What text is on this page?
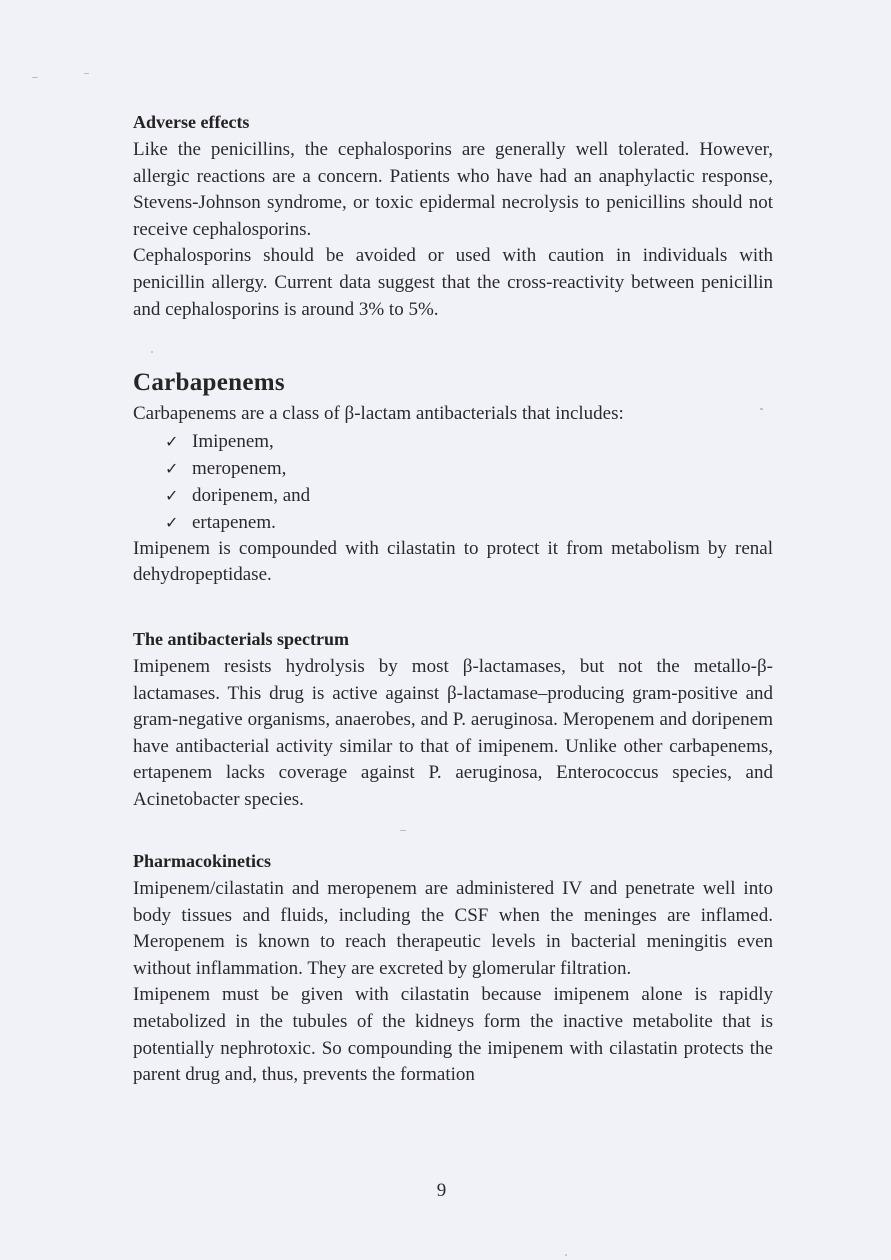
Adverse effects

Like the penicillins, the cephalosporins are generally well tolerated. However, allergic reactions are a concern. Patients who have had an anaphylactic response, Stevens-Johnson syndrome, or toxic epidermal necrolysis to penicillins should not receive cephalosporins.

Cephalosporins should be avoided or used with caution in individuals with penicillin allergy. Current data suggest that the cross-reactivity between penicillin and cephalosporins is around 3% to 5%.

Carbapenems

Carbapenems are a class of β-lactam antibacterials that includes:

✓ Imipenem,
✓ meropenem,
✓ doripenem, and
✓ ertapenem.

Imipenem is compounded with cilastatin to protect it from metabolism by renal dehydropeptidase.

The antibacterials spectrum

Imipenem resists hydrolysis by most β-lactamases, but not the metallo-β-lactamases. This drug is active against β-lactamase–producing gram-positive and gram-negative organisms, anaerobes, and P. aeruginosa. Meropenem and doripenem have antibacterial activity similar to that of imipenem. Unlike other carbapenems, ertapenem lacks coverage against P. aeruginosa, Enterococcus species, and Acinetobacter species.

Pharmacokinetics

Imipenem/cilastatin and meropenem are administered IV and penetrate well into body tissues and fluids, including the CSF when the meninges are inflamed. Meropenem is known to reach therapeutic levels in bacterial meningitis even without inflammation. They are excreted by glomerular filtration.

Imipenem must be given with cilastatin because imipenem alone is rapidly metabolized in the tubules of the kidneys form the inactive metabolite that is potentially nephrotoxic. So compounding the imipenem with cilastatin protects the parent drug and, thus, prevents the formation

9
